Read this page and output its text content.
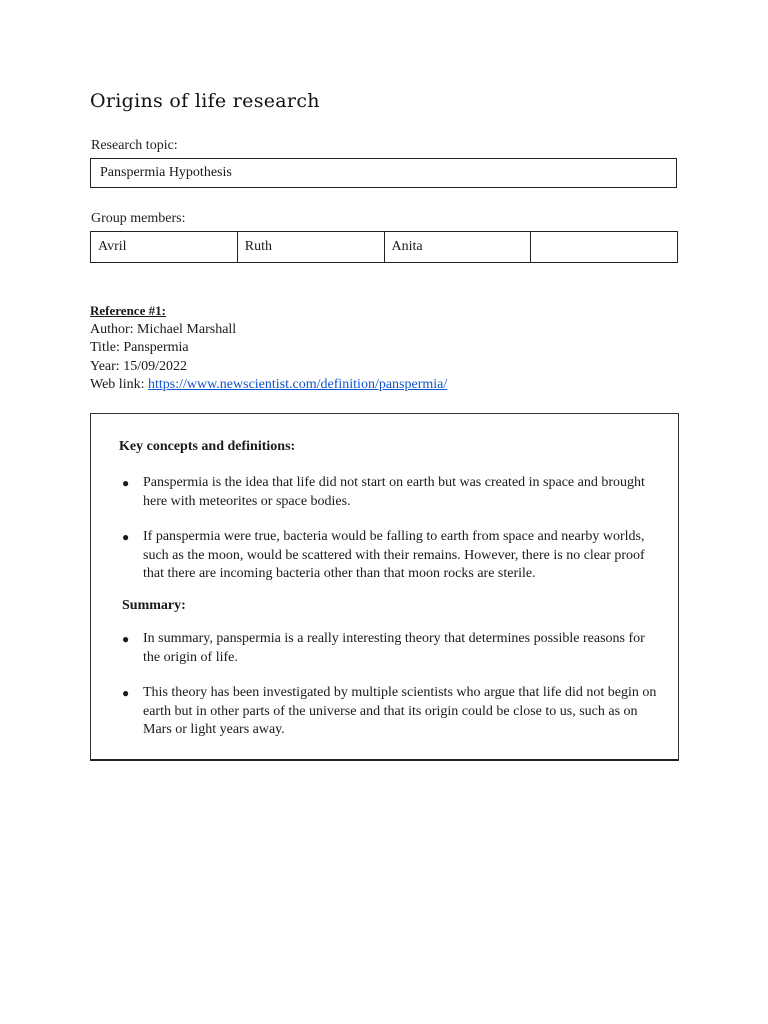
Origins of life research
Research topic:
Panspermia Hypothesis
Group members:
Avril	Ruth	Anita	
Reference #1:
Author: Michael Marshall
Title: Panspermia
Year: 15/09/2022
Web link: https://www.newscientist.com/definition/panspermia/
Key concepts and definitions:
● Panspermia is the idea that life did not start on earth but was created in space and brought here with meteorites or space bodies.
● If panspermia were true, bacteria would be falling to earth from space and nearby worlds, such as the moon, would be scattered with their remains. However, there is no clear proof that there are incoming bacteria other than that moon rocks are sterile.
Summary:
● In summary, panspermia is a really interesting theory that determines possible reasons for the origin of life.
● This theory has been investigated by multiple scientists who argue that life did not begin on earth but in other parts of the universe and that its origin could be close to us, such as on Mars or light years away.
